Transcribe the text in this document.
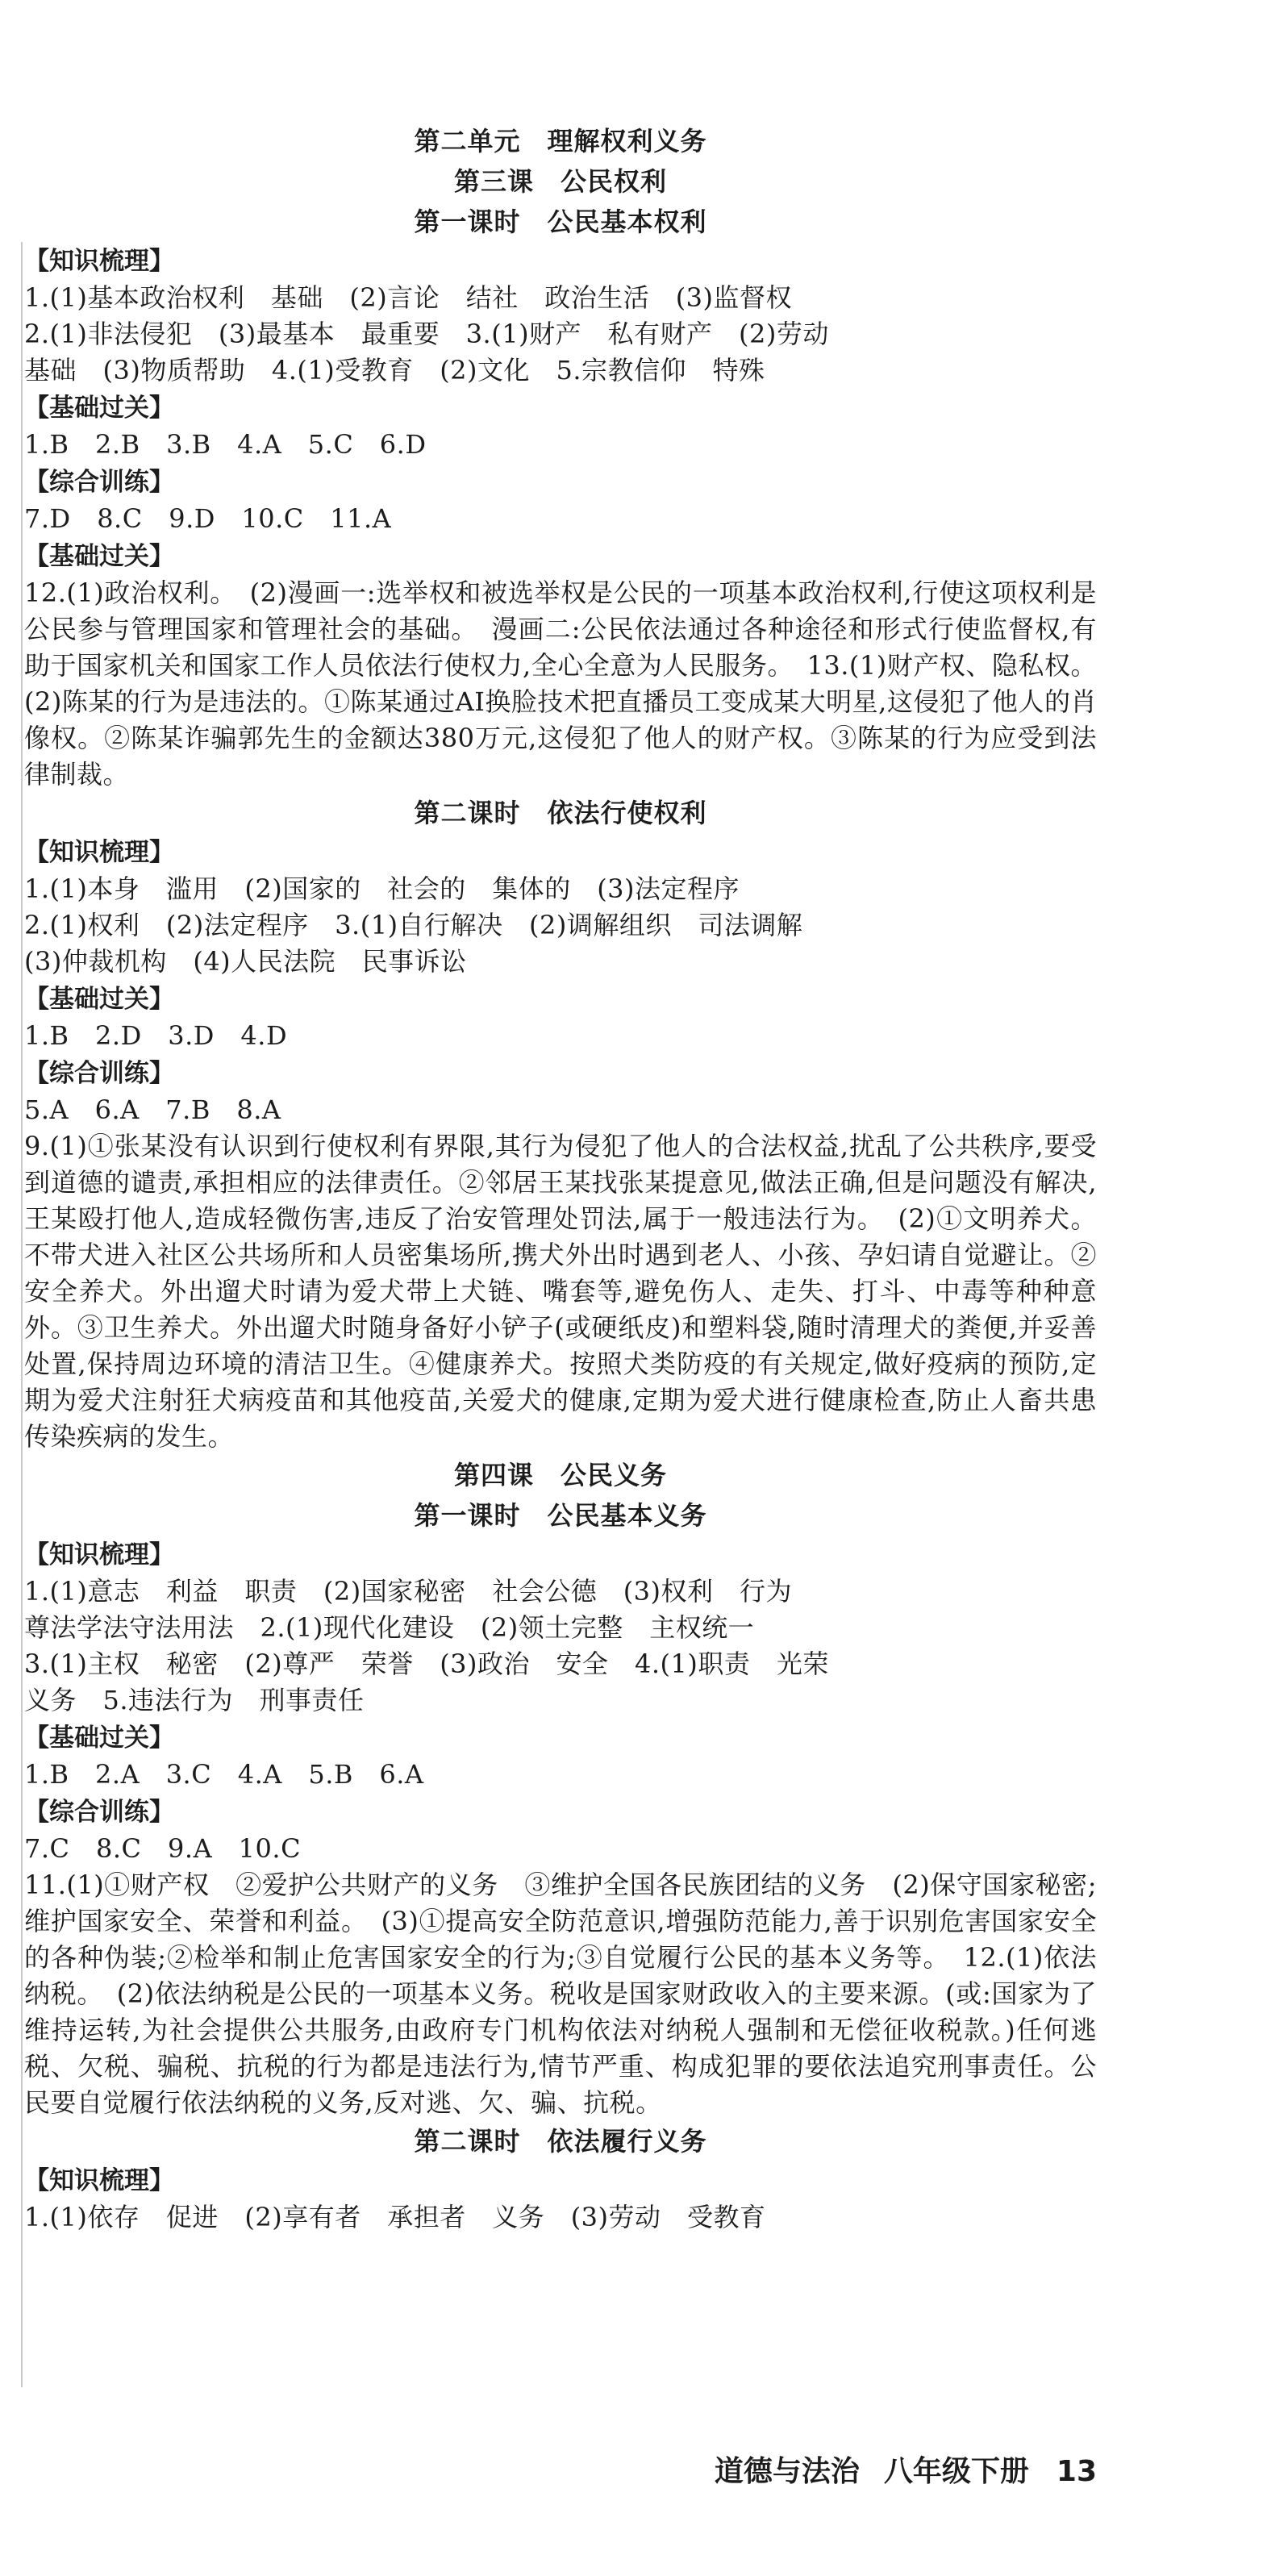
第二单元　理解权利义务
第三课　公民权利
第一课时　公民基本权利
【知识梳理】
1.(1)基本政治权利　基础　(2)言论　结社　政治生活　(3)监督权
2.(1)非法侵犯　(3)最基本　最重要　3.(1)财产　私有财产　(2)劳动
基础　(3)物质帮助　4.(1)受教育　(2)文化　5.宗教信仰　特殊
【基础过关】
1.B　2.B　3.B　4.A　5.C　6.D
【综合训练】
7.D　8.C　9.D　10.C　11.A
【基础过关】
12.(1)政治权利。　(2)漫画一:选举权和被选举权是公民的一项基本政治权利,行使这项权利是公民参与管理国家和管理社会的基础。　漫画二:公民依法通过各种途径和形式行使监督权,有助于国家机关和国家工作人员依法行使权力,全心全意为人民服务。　13.(1)财产权、隐私权。(2)陈某的行为是违法的。①陈某通过AI换脸技术把直播员工变成某大明星,这侵犯了他人的肖像权。②陈某诈骗郭先生的金额达380万元,这侵犯了他人的财产权。③陈某的行为应受到法律制裁。
第二课时　依法行使权利
【知识梳理】
1.(1)本身　滥用　(2)国家的　社会的　集体的　(3)法定程序
2.(1)权利　(2)法定程序　3.(1)自行解决　(2)调解组织　司法调解
(3)仲裁机构　(4)人民法院　民事诉讼
【基础过关】
1.B　2.D　3.D　4.D
【综合训练】
5.A　6.A　7.B　8.A
9.(1)①张某没有认识到行使权利有界限,其行为侵犯了他人的合法权益,扰乱了公共秩序,要受到道德的谴责,承担相应的法律责任。②邻居王某找张某提意见,做法正确,但是问题没有解决,王某殴打他人,造成轻微伤害,违反了治安管理处罚法,属于一般违法行为。　(2)①文明养犬。不带犬进入社区公共场所和人员密集场所,携犬外出时遇到老人、小孩、孕妇请自觉避让。②安全养犬。外出遛犬时请为爱犬带上犬链、嘴套等,避免伤人、走失、打斗、中毒等种种意外。③卫生养犬。外出遛犬时随身备好小铲子(或硬纸皮)和塑料袋,随时清理犬的粪便,并妥善处置,保持周边环境的清洁卫生。④健康养犬。按照犬类防疫的有关规定,做好疫病的预防,定期为爱犬注射狂犬病疫苗和其他疫苗,关爱犬的健康,定期为爱犬进行健康检查,防止人畜共患传染疾病的发生。
第四课　公民义务
第一课时　公民基本义务
【知识梳理】
1.(1)意志　利益　职责　(2)国家秘密　社会公德　(3)权利　行为
尊法学法守法用法　2.(1)现代化建设　(2)领土完整　主权统一
3.(1)主权　秘密　(2)尊严　荣誉　(3)政治　安全　4.(1)职责　光荣
义务　5.违法行为　刑事责任
【基础过关】
1.B　2.A　3.C　4.A　5.B　6.A
【综合训练】
7.C　8.C　9.A　10.C
11.(1)①财产权　②爱护公共财产的义务　③维护全国各民族团结的义务　(2)保守国家秘密;维护国家安全、荣誉和利益。　(3)①提高安全防范意识,增强防范能力,善于识别危害国家安全的各种伪装;②检举和制止危害国家安全的行为;③自觉履行公民的基本义务等。　12.(1)依法纳税。　(2)依法纳税是公民的一项基本义务。税收是国家财政收入的主要来源。(或:国家为了维持运转,为社会提供公共服务,由政府专门机构依法对纳税人强制和无偿征收税款。)任何逃税、欠税、骗税、抗税的行为都是违法行为,情节严重、构成犯罪的要依法追究刑事责任。公民要自觉履行依法纳税的义务,反对逃、欠、骗、抗税。
第二课时　依法履行义务
【知识梳理】
1.(1)依存　促进　(2)享有者　承担者　义务　(3)劳动　受教育
道德与法治 八年级下册 13
